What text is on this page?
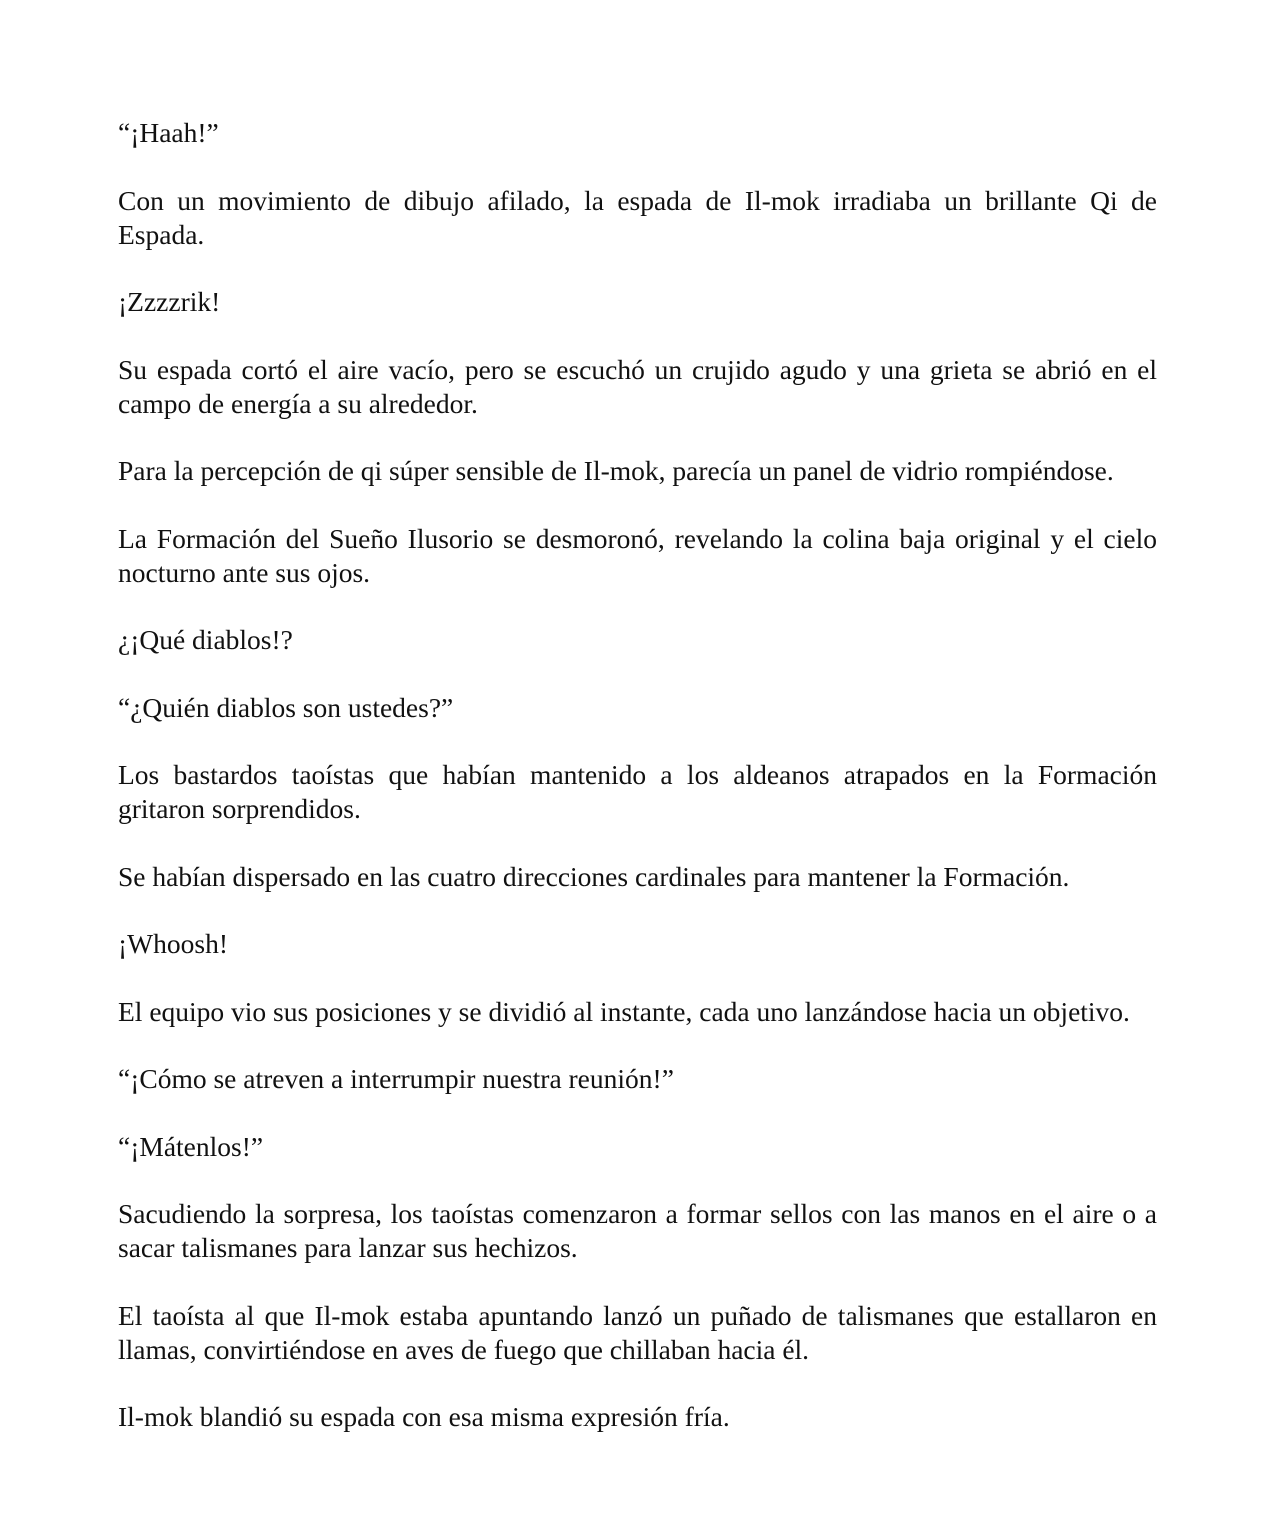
“¡Haah!”

Con un movimiento de dibujo afilado, la espada de Il-mok irradiaba un brillante Qi de Espada.

¡Zzzzrik!

Su espada cortó el aire vacío, pero se escuchó un crujido agudo y una grieta se abrió en el campo de energía a su alrededor.

Para la percepción de qi súper sensible de Il-mok, parecía un panel de vidrio rompiéndose.

La Formación del Sueño Ilusorio se desmoronó, revelando la colina baja original y el cielo nocturno ante sus ojos.

¿¡Qué diablos!?

“¿Quién diablos son ustedes?”

Los bastardos taoístas que habían mantenido a los aldeanos atrapados en la Formación gritaron sorprendidos.

Se habían dispersado en las cuatro direcciones cardinales para mantener la Formación.

¡Whoosh!

El equipo vio sus posiciones y se dividió al instante, cada uno lanzándose hacia un objetivo.

“¡Cómo se atreven a interrumpir nuestra reunión!”

“¡Mátenlos!”

Sacudiendo la sorpresa, los taoístas comenzaron a formar sellos con las manos en el aire o a sacar talismanes para lanzar sus hechizos.

El taoísta al que Il-mok estaba apuntando lanzó un puñado de talismanes que estallaron en llamas, convirtiéndose en aves de fuego que chillaban hacia él.

Il-mok blandió su espada con esa misma expresión fría.
